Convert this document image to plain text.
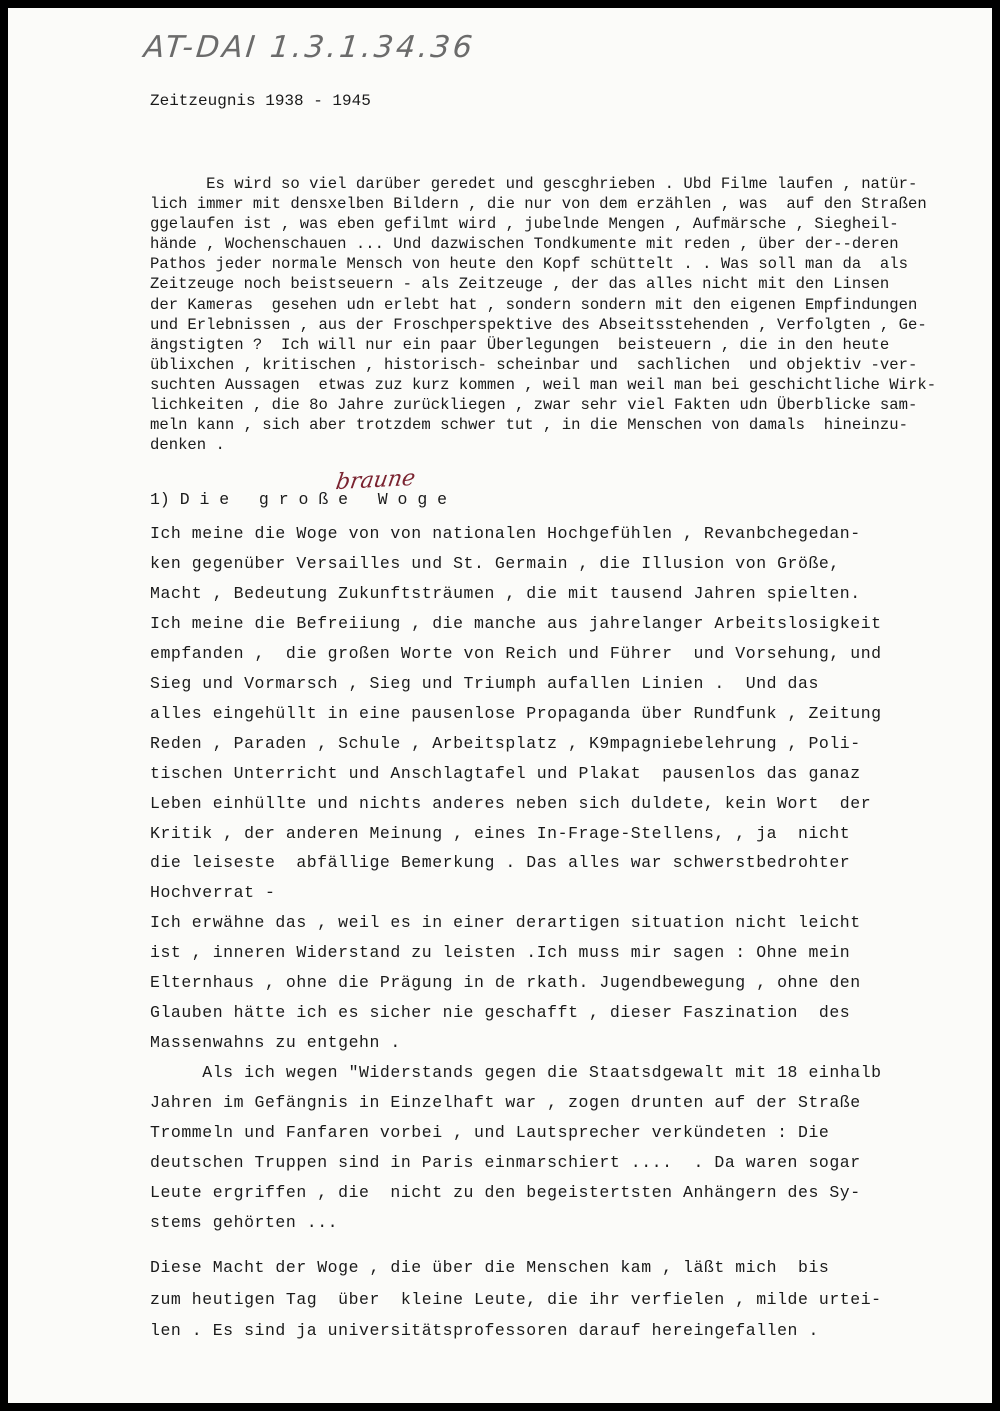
AT-DAI 1.3.1.34.36
Zeitzeugnis 1938 - 1945
Es wird so viel darüber geredet und gescghrieben . Ubd Filme laufen , natür-
lich immer mit densxelben Bildern , die nur von dem erzählen , was  auf den Straßen
ggelaufen ist , was eben gefilmt wird , jubelnde Mengen , Aufmärsche , Siegheil-
hände , Wochenschauen ... Und dazwischen Tondkumente mit reden , über der--deren
Pathos jeder normale Mensch von heute den Kopf schüttelt . . Was soll man da  als
Zeitzeuge noch beistseuern - als Zeitzeuge , der das alles nicht mit den Linsen
der Kameras  gesehen udn erlebt hat , sondern sondern mit den eigenen Empfindungen
und Erlebnissen , aus der Froschperspektive des Abseitsstehenden , Verfolgten , Ge-
ängstigten ?  Ich will nur ein paar Überlegungen  beisteuern , die in den heute
üblixchen , kritischen , historisch- scheinbar und  sachlichen  und objektiv -ver-
suchten Aussagen  etwas zuz kurz kommen , weil man weil man bei geschichtliche Wirk-
lichkeiten , die 8o Jahre zurückliegen , zwar sehr viel Fakten udn Überblicke sam-
meln kann , sich aber trotzdem schwer tut , in die Menschen von damals  hineinzu-
denken .
braune
1) D i e   g r o ß e   W o g e
Ich meine die Woge von von nationalen Hochgefühlen , Revanbchegedan-
ken gegenüber Versailles und St. Germain , die Illusion von Größe,
Macht , Bedeutung Zukunftsträumen , die mit tausend Jahren spielten.
Ich meine die Befreiiung , die manche aus jahrelanger Arbeitslosigkeit
empfanden ,  die großen Worte von Reich und Führer  und Vorsehung, und
Sieg und Vormarsch , Sieg und Triumph aufallen Linien .  Und das
alles eingehüllt in eine pausenlose Propaganda über Rundfunk , Zeitung
Reden , Paraden , Schule , Arbeitsplatz , K9mpagniebelehrung , Poli-
tischen Unterricht und Anschlagtafel und Plakat  pausenlos das ganaz
Leben einhüllte und nichts anderes neben sich duldete, kein Wort  der
Kritik , der anderen Meinung , eines In-Frage-Stellens, , ja  nicht
die leiseste  abfällige Bemerkung . Das alles war schwerstbedrohter
Hochverrat -
Ich erwähne das , weil es in einer derartigen situation nicht leicht
ist , inneren Widerstand zu leisten .Ich muss mir sagen : Ohne mein
Elternhaus , ohne die Prägung in de rkath. Jugendbewegung , ohne den
Glauben hätte ich es sicher nie geschafft , dieser Faszination  des
Massenwahns zu entgehn .
Als ich wegen "Widerstands gegen die Staatsdgewalt mit 18 einhalb
Jahren im Gefängnis in Einzelhaft war , zogen drunten auf der Straße
Trommeln und Fanfaren vorbei , und Lautsprecher verkündeten : Die
deutschen Truppen sind in Paris einmarschiert ....  . Da waren sogar
Leute ergriffen , die  nicht zu den begeistertsten Anhängern des Sy-
stems gehörten ...
Diese Macht der Woge , die über die Menschen kam , läßt mich  bis
zum heutigen Tag  über  kleine Leute, die ihr verfielen , milde urtei-
len . Es sind ja universitätsprofessoren darauf hereingefallen .
